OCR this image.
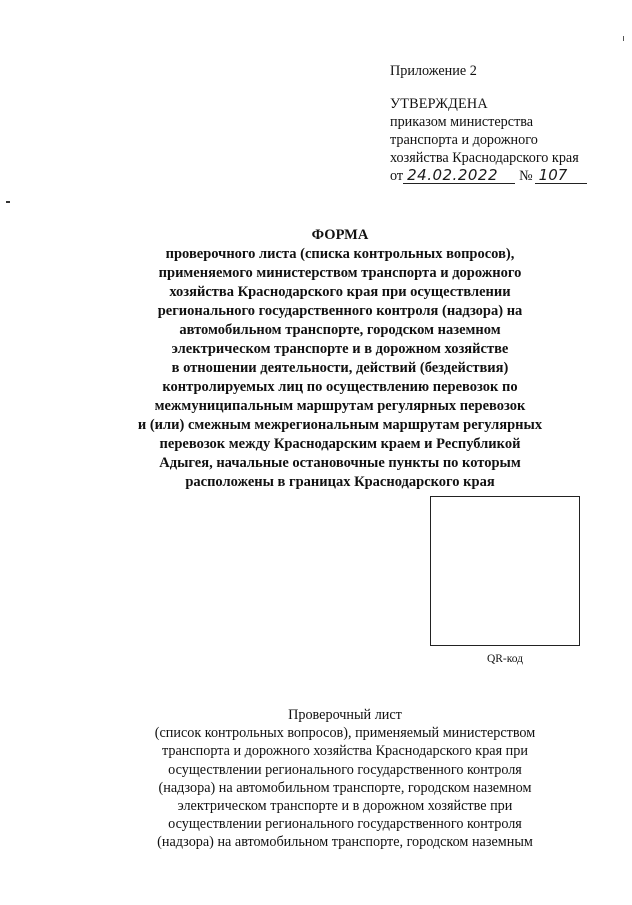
Приложение 2
УТВЕРЖДЕНА
приказом министерства
транспорта и дорожного
хозяйства Краснодарского края
от 24.02.2022 № 107
ФОРМА
проверочного листа (списка контрольных вопросов),
применяемого министерством транспорта и дорожного
хозяйства Краснодарского края при осуществлении
регионального государственного контроля (надзора) на
автомобильном транспорте, городском наземном
электрическом транспорте и в дорожном хозяйстве
в отношении деятельности, действий (бездействия)
контролируемых лиц по осуществлению перевозок по
межмуниципальным маршрутам регулярных перевозок
и (или) смежным межрегиональным маршрутам регулярных
перевозок между Краснодарским краем и Республикой
Адыгея, начальные остановочные пункты по которым
расположены в границах Краснодарского края
QR-код
Проверочный лист
(список контрольных вопросов), применяемый министерством
транспорта и дорожного хозяйства Краснодарского края при
осуществлении регионального государственного контроля
(надзора) на автомобильном транспорте, городском наземном
электрическом транспорте и в дорожном хозяйстве при
осуществлении регионального государственного контроля
(надзора) на автомобильном транспорте, городском наземным
